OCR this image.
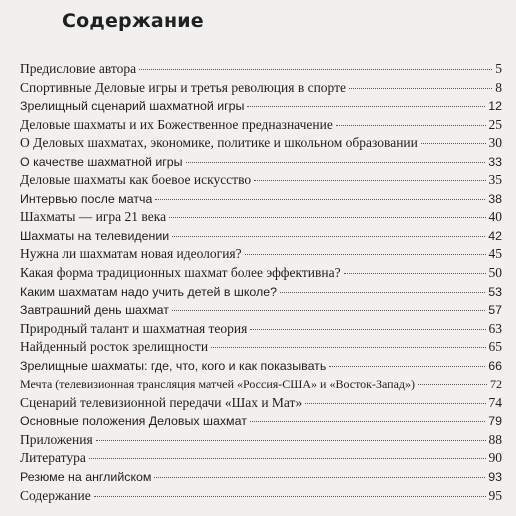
Содержание
Предисловие автора	5
Спортивные Деловые игры и третья революция в спорте	8
Зрелищный сценарий шахматной игры	12
Деловые шахматы и их Божественное предназначение	25
О Деловых шахматах, экономике, политике и школьном образовании	30
О качестве шахматной игры	33
Деловые шахматы как боевое искусство	35
Интервью после матча	38
Шахматы — игра 21 века	40
Шахматы на телевидении	42
Нужна ли шахматам новая идеология?	45
Какая форма традиционных шахмат более эффективна?	50
Каким шахматам надо учить детей в школе?	53
Завтрашний день шахмат	57
Природный талант и шахматная теория	63
Найденный росток зрелищности	65
Зрелищные шахматы: где, что, кого и как показывать	66
Мечта (телевизионная трансляция матчей «Россия-США» и «Восток-Запад»)	72
Сценарий телевизионной передачи «Шах и Мат»	74
Основные положения Деловых шахмат	79
Приложения	88
Литература	90
Резюме на английском	93
Содержание	95
